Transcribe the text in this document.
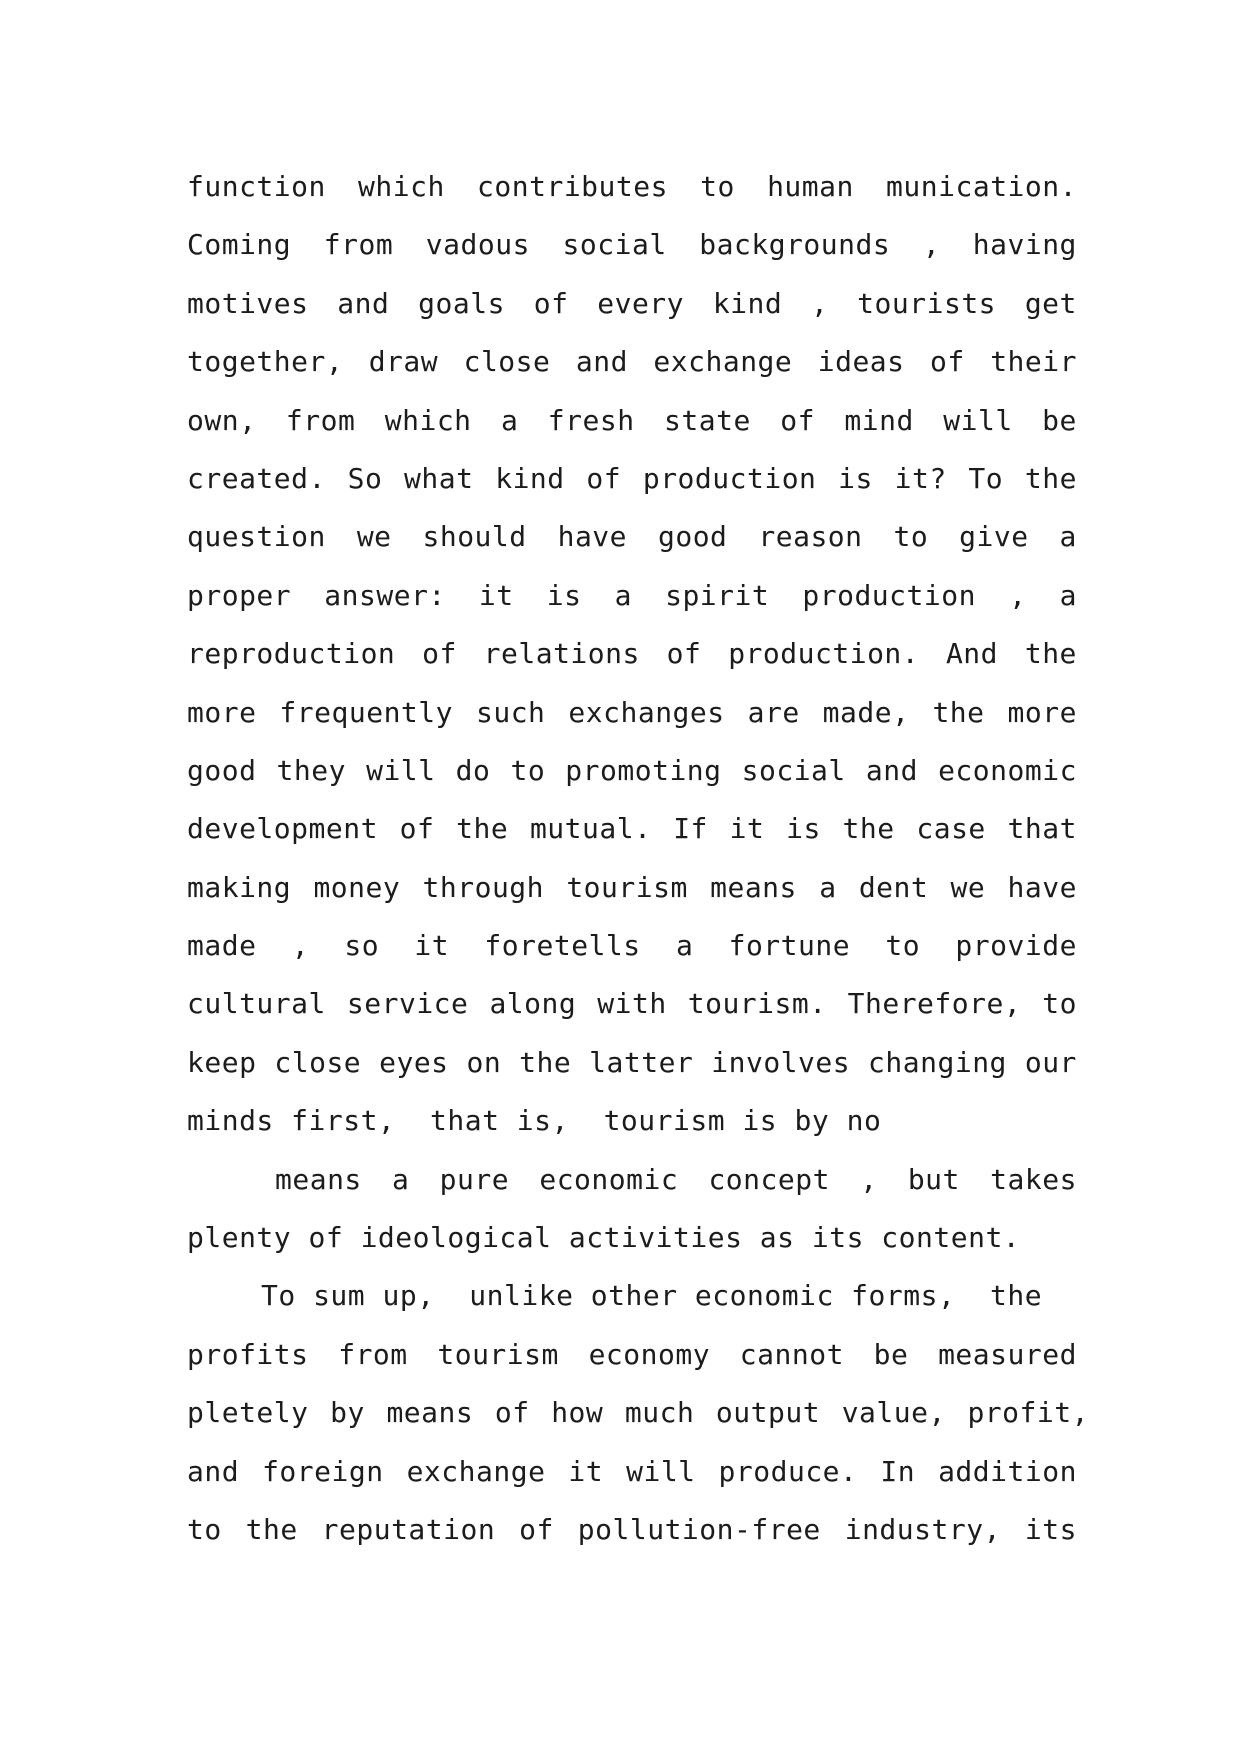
function which contributes to human munication.
Coming from vadous social backgrounds , having
motives and goals of every kind , tourists get
together, draw close and exchange ideas of their
own, from which a fresh state of mind will be
created. So what kind of production is it? To the
question we should have good reason to give a
proper answer: it is a spirit production , a
reproduction of relations of production. And the
more frequently such exchanges are made, the more
good they will do to promoting social and economic
development of the mutual. If it is the case that
making money through tourism means a dent we have
made , so it foretells a fortune to provide
cultural service along with tourism. Therefore, to
keep close eyes on the latter involves changing our
minds first,  that is,  tourism is by no
means a pure economic concept , but takes
plenty of ideological activities as its content.
To sum up,  unlike other economic forms,  the
profits from tourism economy cannot be measured
pletely by means of how much output value, profit,
and foreign exchange it will produce. In addition
to the reputation of pollution-free industry, its
